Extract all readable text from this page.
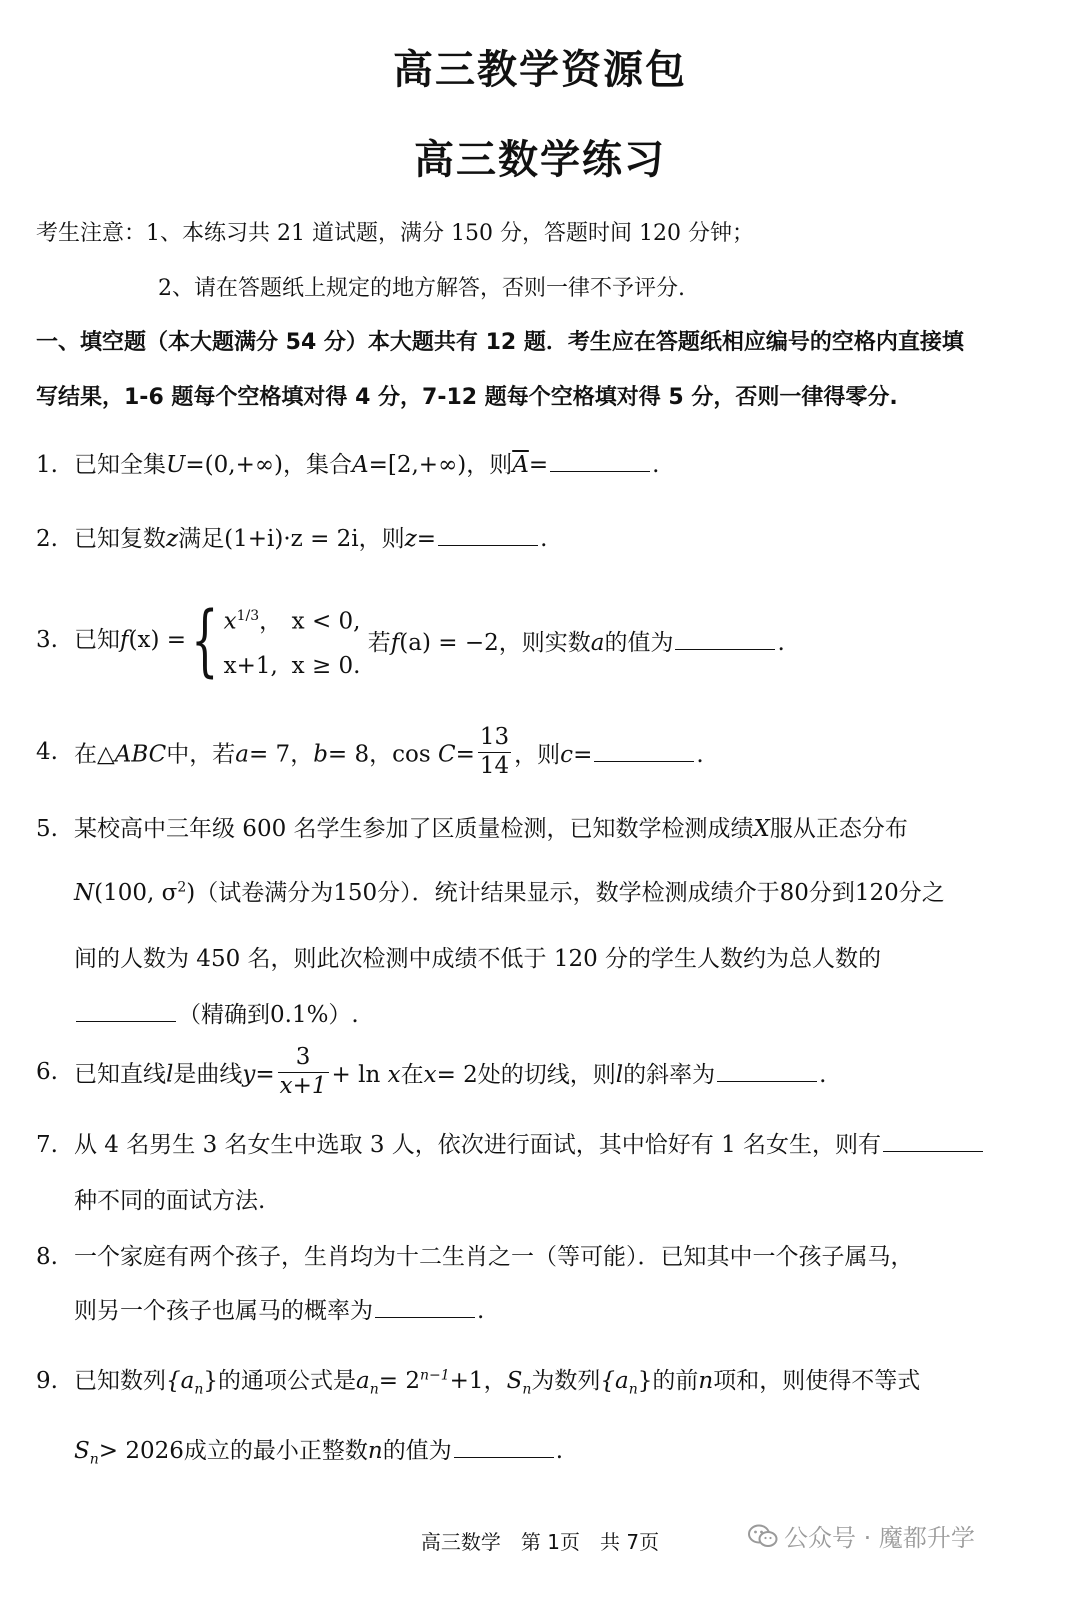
高三教学资源包
高三数学练习

考生注意：1、本练习共 21 道试题，满分 150 分，答题时间 120 分钟；

2、请在答题纸上规定的地方解答，否则一律不予评分.

一、填空题（本大题满分 54 分）本大题共有 12 题．考生应在答题纸相应编号的空格内直接填

写结果，1-6 题每个空格填对得 4 分，7-12 题每个空格填对得 5 分，否则一律得零分.

1. 已知全集U=(0,+∞)，集合A=[2,+∞)，则$\overline{A}=$	.

2. 已知复数z满足(1+i)·z = 2i，则z=	.

3. 已知f(x) ={ $x^{1/3}$， x < 0,
x+1, x ≥ 0.
若f(a) = −2，则实数a的值为	.
4. 在△ABC中，若a= 7，b= 8，$\cos C= \frac{13}{14}$ ，则c=	.

5. 某校高中三年级 600 名学生参加了区质量检测，已知数学检测成绩X服从正态分布

N(100, $\sigma^2$)（试卷满分为150分）．统计结果显示，数学检测成绩介于80分到120分之

间的人数为 450 名，则此次检测中成绩不低于 120 分的学生人数约为总人数的

（精确到0.1%）.

6. 已知直线l是曲线$y= \frac{3}{x+1} + \ln x$在x= 2处的切线，则l的斜率为	.

7. 从 4 名男生 3 名女生中选取 3 人，依次进行面试，其中恰好有 1 名女生，则有

种不同的面试方法.

8. 一个家庭有两个孩子，生肖均为十二生肖之一（等可能）．已知其中一个孩子属马，

则另一个孩子也属马的概率为	.

9. 已知数列$\{a_n\}$的通项公式是$a_n= 2^{n-1}+1$，$S_n$为数列$\{a_n\}$的前n项和，则使得不等式

$S_n> 2026$成立的最小正整数n的值为	.

高三数学　第 1页　共 7页	公众号 · 魔都升学
